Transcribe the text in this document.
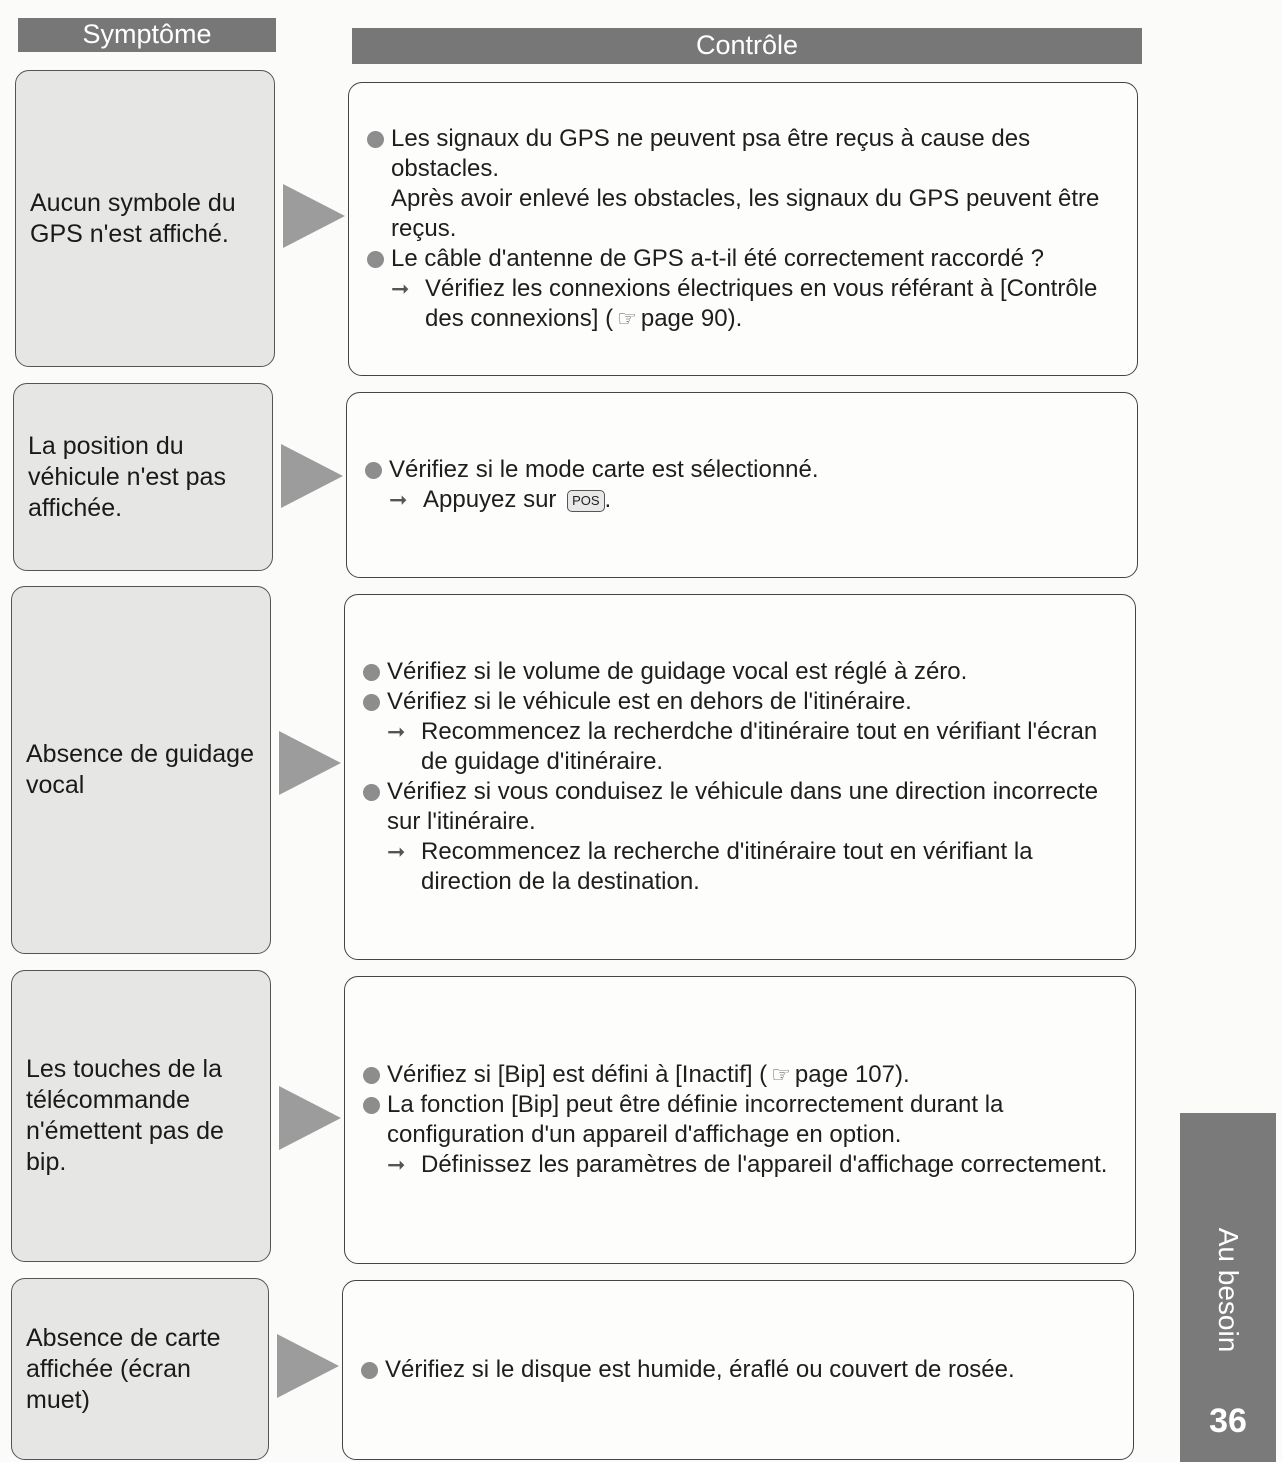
Symptôme	Contrôle
Aucun symbole du GPS n'est affiché.
Les signaux du GPS ne peuvent psa être reçus à cause des obstacles.
Après avoir enlevé les obstacles, les signaux du GPS peuvent être reçus.
Le câble d'antenne de GPS a-t-il été correctement raccordé ?
➞ Vérifiez les connexions électriques en vous référant à [Contrôle des connexions] ( ☞ page 90).
La position du véhicule n'est pas affichée.
Vérifiez si le mode carte est sélectionné.
➞ Appuyez sur POS .
Absence de guidage vocal
Vérifiez si le volume de guidage vocal est réglé à zéro.
Vérifiez si le véhicule est en dehors de l'itinéraire.
➞ Recommencez la recherdche d'itinéraire tout en vérifiant l'écran de guidage d'itinéraire.
Vérifiez si vous conduisez le véhicule dans une direction incorrecte sur l'itinéraire.
➞ Recommencez la recherche d'itinéraire tout en vérifiant la direction de la destination.
Les touches de la télécommande n'émettent pas de bip.
Vérifiez si [Bip] est défini à [Inactif] ( ☞ page 107).
La fonction [Bip] peut être définie incorrectement durant la configuration d'un appareil d'affichage en option.
➞ Définissez les paramètres de l'appareil d'affichage correctement.
Absence de carte affichée (écran muet)
Vérifiez si le disque est humide, éraflé ou couvert de rosée.
Au besoin
36
